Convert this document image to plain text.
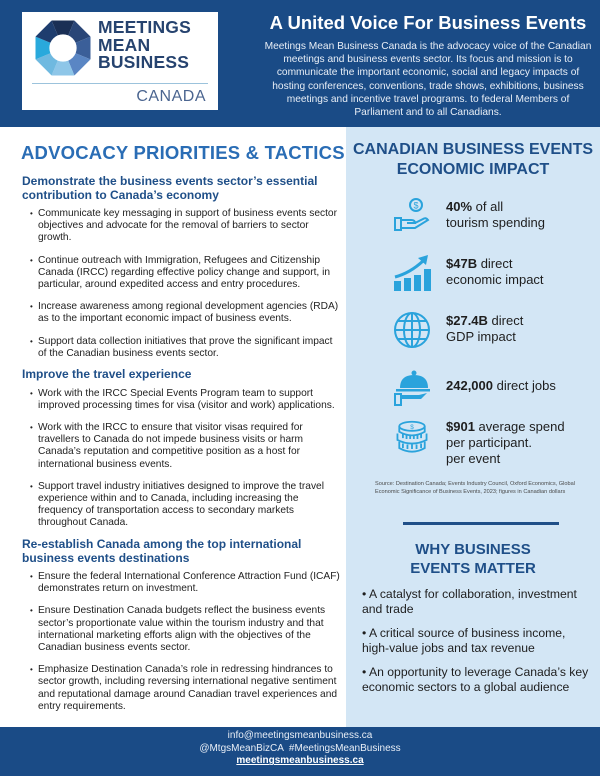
MEETINGS
MEAN
BUSINESS
CANADA
A United Voice For Business Events
Meetings Mean Business Canada is the advocacy voice of the Canadian meetings and business events sector. Its focus and mission is to communicate the important economic, social and legacy impacts of hosting conferences, conventions, trade shows, exhibitions, business meetings and incentive travel programs. to federal Members of Parliament and to all Canadians.
ADVOCACY PRIORITIES & TACTICS
Demonstrate the business events sector’s essential contribution to Canada’s economy
• Communicate key messaging in support of business events sector objectives and advocate for the removal of barriers to sector growth.
• Continue outreach with Immigration, Refugees and Citizenship Canada (IRCC) regarding effective policy change and support, in particular, around expedited access and entry procedures.
• Increase awareness among regional development agencies (RDA) as to the important economic impact of business events.
• Support data collection initiatives that prove the significant impact of the Canadian business events sector.
Improve the travel experience
• Work with the IRCC Special Events Program team to support improved processing times for visa (visitor and work) applications.
• Work with the IRCC to ensure that visitor visas required for travellers to Canada do not impede business visits or harm Canada’s reputation and competitive position as a host for international business events.
• Support travel industry initiatives designed to improve the travel experience within and to Canada, including increasing the frequency of transportation access to secondary markets throughout Canada.
Re-establish Canada among the top international business events destinations
• Ensure the federal International Conference Attraction Fund (ICAF) demonstrates return on investment.
• Ensure Destination Canada budgets reflect the business events sector’s proportionate value within the tourism industry and that international marketing efforts align with the objectives of the Canadian business events sector.
• Emphasize Destination Canada’s role in redressing hindrances to sector growth, including reversing international negative sentiment and reputational damage around Canadian travel experiences and entry requirements.
CANADIAN BUSINESS EVENTS ECONOMIC IMPACT
$ 40% of all
tourism spending
$47B direct
economic impact
$27.4B direct
GDP impact
242,000 direct jobs
$ $901 average spend
per participant.
per event
Source: Destination Canada; Events Industry Council, Oxford Economics, Global Economic Significance of Business Events, 2023; figures in Canadian dollars
WHY BUSINESS
EVENTS MATTER
• A catalyst for collaboration, investment and trade
• A critical source of business income, high-value jobs and tax revenue
• An opportunity to leverage Canada’s key economic sectors to a global audience
info@meetingsmeanbusiness.ca
@MtgsMeanBizCA  #MeetingsMeanBusiness
meetingsmeanbusiness.ca
